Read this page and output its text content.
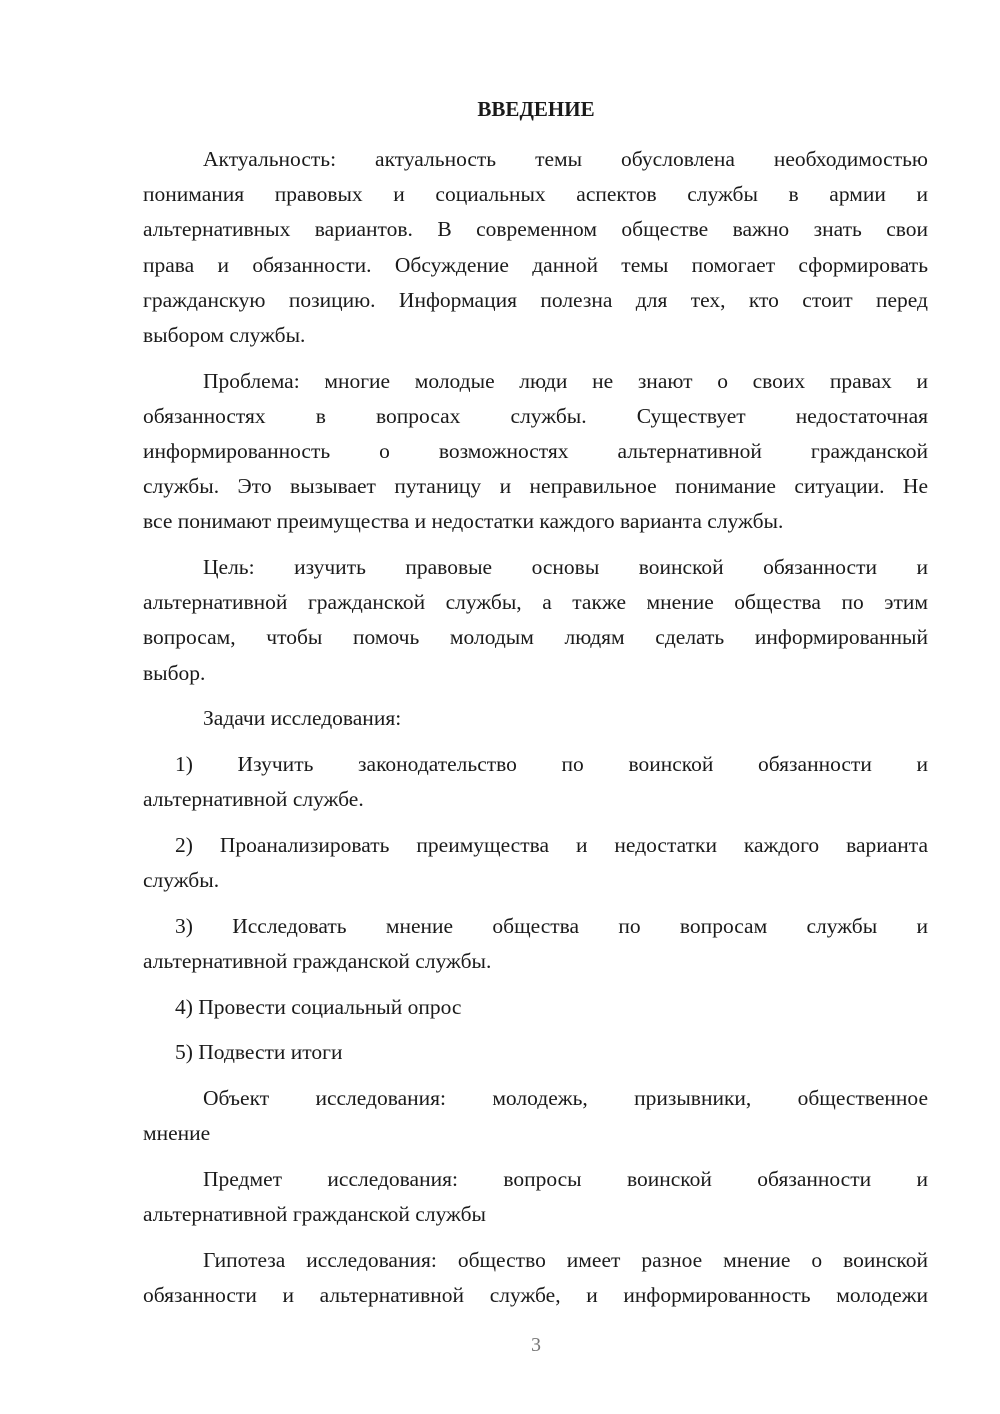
ВВЕДЕНИЕ
Актуальность: актуальность темы обусловлена необходимостью
понимания правовых и социальных аспектов службы в армии и
альтернативных вариантов. В современном обществе важно знать свои
права и обязанности. Обсуждение данной темы помогает сформировать
гражданскую позицию. Информация полезна для тех, кто стоит перед
выбором службы.
Проблема: многие молодые люди не знают о своих правах и
обязанностях в вопросах службы. Существует недостаточная
информированность о возможностях альтернативной гражданской
службы. Это вызывает путаницу и неправильное понимание ситуации. Не
все понимают преимущества и недостатки каждого варианта службы.
Цель: изучить правовые основы воинской обязанности и
альтернативной гражданской службы, а также мнение общества по этим
вопросам, чтобы помочь молодым людям сделать информированный
выбор.
Задачи исследования:
1) Изучить законодательство по воинской обязанности и
альтернативной службе.
2) Проанализировать преимущества и недостатки каждого варианта
службы.
3) Исследовать мнение общества по вопросам службы и
альтернативной гражданской службы.
4) Провести социальный опрос
5) Подвести итоги
Объект исследования: молодежь, призывники, общественное
мнение
Предмет исследования: вопросы воинской обязанности и
альтернативной гражданской службы
Гипотеза исследования: общество имеет разное мнение о воинской
обязанности и альтернативной службе, и информированность молодежи
3
